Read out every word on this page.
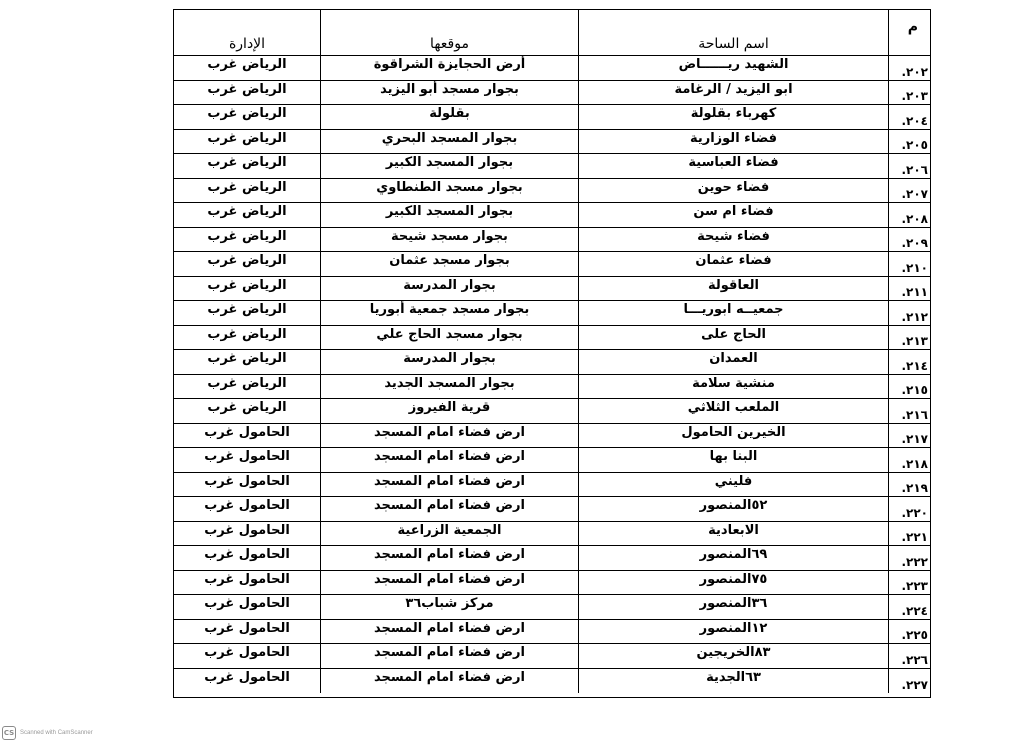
م
اسم الساحة
موقعها
الإدارة
٢٠٢.
الشهيد ريــــــاض
أرض الحجايزة الشراقوة
الرياض غرب
٢٠٣.
ابو اليزيد / الرغامة
بجوار مسجد أبو اليزيد
الرياض غرب
٢٠٤.
كهرباء بقلولة
بقلولة
الرياض غرب
٢٠٥.
فضاء الوزارية
بجوار المسجد البحري
الرياض غرب
٢٠٦.
فضاء العباسية
بجوار المسجد الكبير
الرياض غرب
٢٠٧.
فضاء حوين
بجوار مسجد الطنطاوي
الرياض غرب
٢٠٨.
فضاء ام سن
بجوار المسجد الكبير
الرياض غرب
٢٠٩.
فضاء شيحة
بجوار مسجد شيحة
الرياض غرب
٢١٠.
فضاء عثمان
بجوار مسجد عثمان
الرياض غرب
٢١١.
العاقولة
بجوار المدرسة
الرياض غرب
٢١٢.
جمعيــه ابوريـــا
بجوار مسجد جمعية أبوريا
الرياض غرب
٢١٣.
الحاج على
بجوار مسجد الحاج علي
الرياض غرب
٢١٤.
العمدان
بجوار المدرسة
الرياض غرب
٢١٥.
منشية سلامة
بجوار المسجد الجديد
الرياض غرب
٢١٦.
الملعب الثلاثي
قرية الفيروز
الرياض غرب
٢١٧.
الخيرين الحامول
ارض فضاء امام المسجد
الحامول غرب
٢١٨.
البنا بها
ارض فضاء امام المسجد
الحامول غرب
٢١٩.
فليني
ارض فضاء امام المسجد
الحامول غرب
٢٢٠.
٥٢المنصور
ارض فضاء امام المسجد
الحامول غرب
٢٢١.
الابعادية
الجمعية الزراعية
الحامول غرب
٢٢٢.
٦٩المنصور
ارض فضاء امام المسجد
الحامول غرب
٢٢٣.
٧٥المنصور
ارض فضاء امام المسجد
الحامول غرب
٢٢٤.
٣٦المنصور
مركز شباب٣٦
الحامول غرب
٢٢٥.
١٢المنصور
ارض فضاء امام المسجد
الحامول غرب
٢٢٦.
٨٣الخريجين
ارض فضاء امام المسجد
الحامول غرب
٢٢٧.
٦٣الجدية
ارض فضاء امام المسجد
الحامول غرب
CS Scanned with CamScanner
